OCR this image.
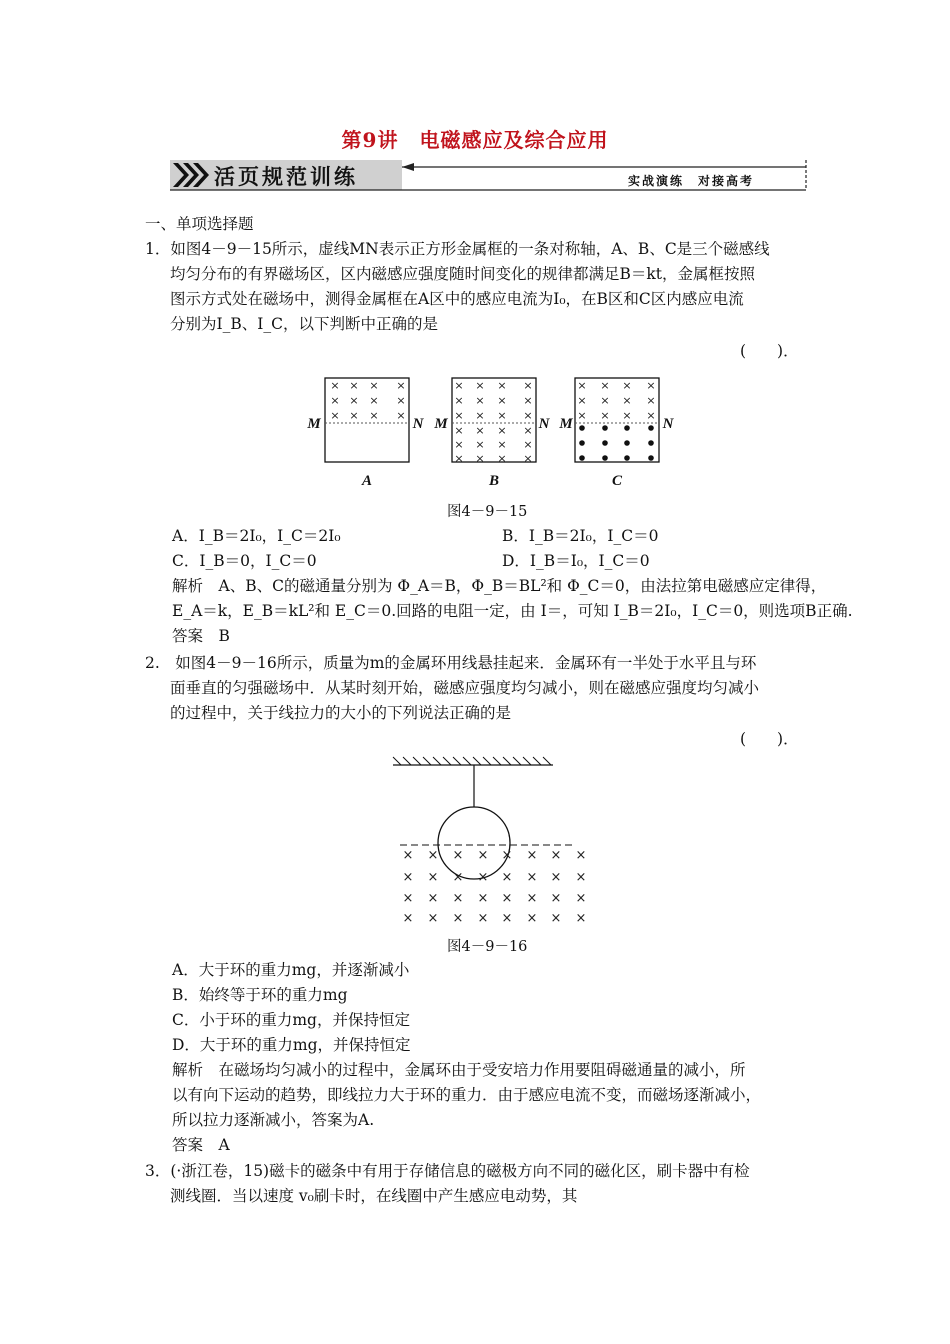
第9讲　电磁感应及综合应用
活页规范训练	实战演练　对接高考
一、单项选择题
1．如图4－9－15所示，虚线MN表示正方形金属框的一条对称轴，A、B、C是三个磁感线
均匀分布的有界磁场区，区内磁感应强度随时间变化的规律都满足B＝kt，金属框按照
图示方式处在磁场中，测得金属框在A区中的感应电流为I₀，在B区和C区内感应电流
分别为I_B、I_C，以下判断中正确的是
(　　)．
× × × ×
× × × ×
× × × ×
× × × ×
× × × ×
× × × ×
× × × ×
× × × ×
× × × ×
× × × ×
× × × ×
× × × ×
M	N M	N M	N
A	B	C
图4－9－15
A．I_B＝2I₀，I_C＝2I₀	B．I_B＝2I₀，I_C＝0
C．I_B＝0，I_C＝0	D．I_B＝I₀，I_C＝0
解析　A、B、C的磁通量分别为 Φ_A＝B，Φ_B＝BL²和 Φ_C＝0，由法拉第电磁感应定律得，
E_A＝k，E_B＝kL²和 E_C＝0.回路的电阻一定，由 I＝，可知 I_B＝2I₀，I_C＝0，则选项B正确.
答案　B
2.　如图4－9－16所示，质量为m的金属环用线悬挂起来．金属环有一半处于水平且与环
面垂直的匀强磁场中．从某时刻开始，磁感应强度均匀减小，则在磁感应强度均匀减小
的过程中，关于线拉力的大小的下列说法正确的是
(　　)．
× × × × × × × ×
× × × × × × × ×
× × × × × × × ×
× × × × × × × ×
图4－9－16
A．大于环的重力mg，并逐渐减小
B．始终等于环的重力mg
C．小于环的重力mg，并保持恒定
D．大于环的重力mg，并保持恒定
解析　在磁场均匀减小的过程中，金属环由于受安培力作用要阻碍磁通量的减小，所
以有向下运动的趋势，即线拉力大于环的重力．由于感应电流不变，而磁场逐渐减小，
所以拉力逐渐减小，答案为A.
答案　A
3．(·浙江卷，15)磁卡的磁条中有用于存储信息的磁极方向不同的磁化区，刷卡器中有检
测线圈．当以速度 v₀刷卡时，在线圈中产生感应电动势，其
